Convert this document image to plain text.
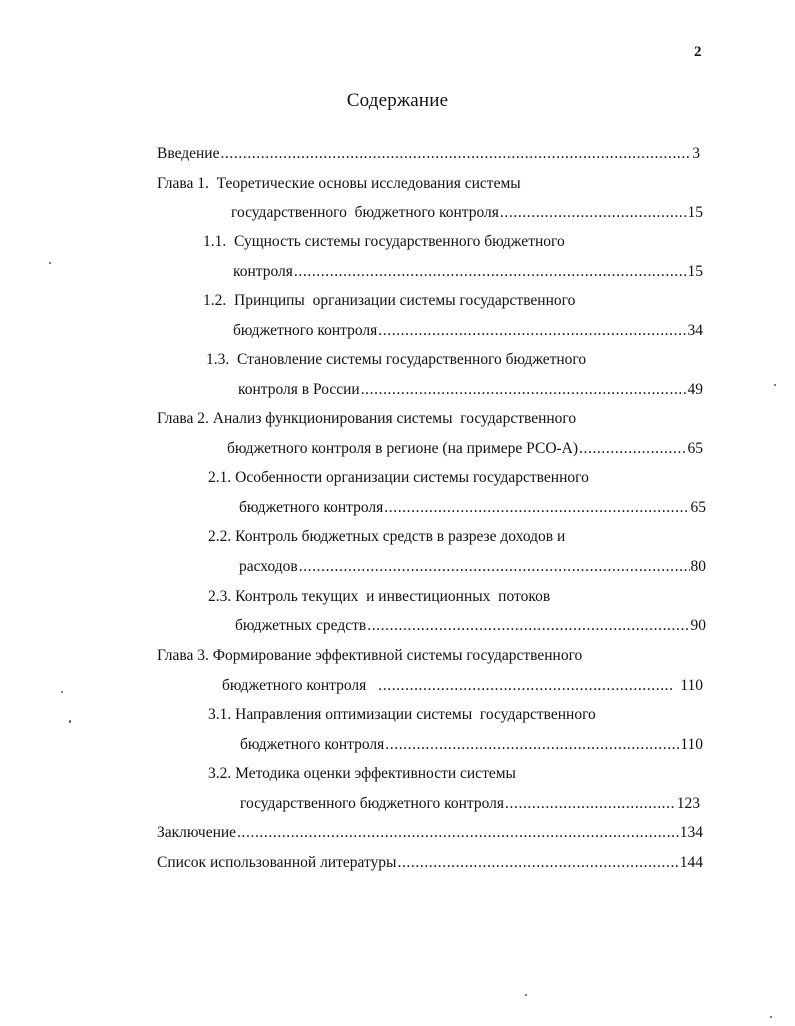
2
Содержание
Введение .....	3
Глава 1.  Теоретические основы исследования системы
государственного  бюджетного контроля .....	15
1.1.  Сущность системы государственного бюджетного
контроля .....	15
1.2.  Принципы  организации системы государственного
бюджетного контроля .....	34
1.3.  Становление системы государственного бюджетного
контроля в России .....	49
Глава 2. Анализ функционирования системы  государственного
бюджетного контроля в регионе (на примере РСО-А) .....	65
2.1. Особенности организации системы государственного
бюджетного контроля .....	65
2.2. Контроль бюджетных средств в разрезе доходов и
расходов .....	80
2.3. Контроль текущих  и инвестиционных  потоков
бюджетных средств .....	90
Глава 3. Формирование эффективной системы государственного
бюджетного контроля .....	110
3.1. Направления оптимизации системы  государственного
бюджетного контроля .....	110
3.2. Методика оценки эффективности системы
государственного бюджетного контроля .....	123
Заключение .....	134
Список использованной литературы .....	144
